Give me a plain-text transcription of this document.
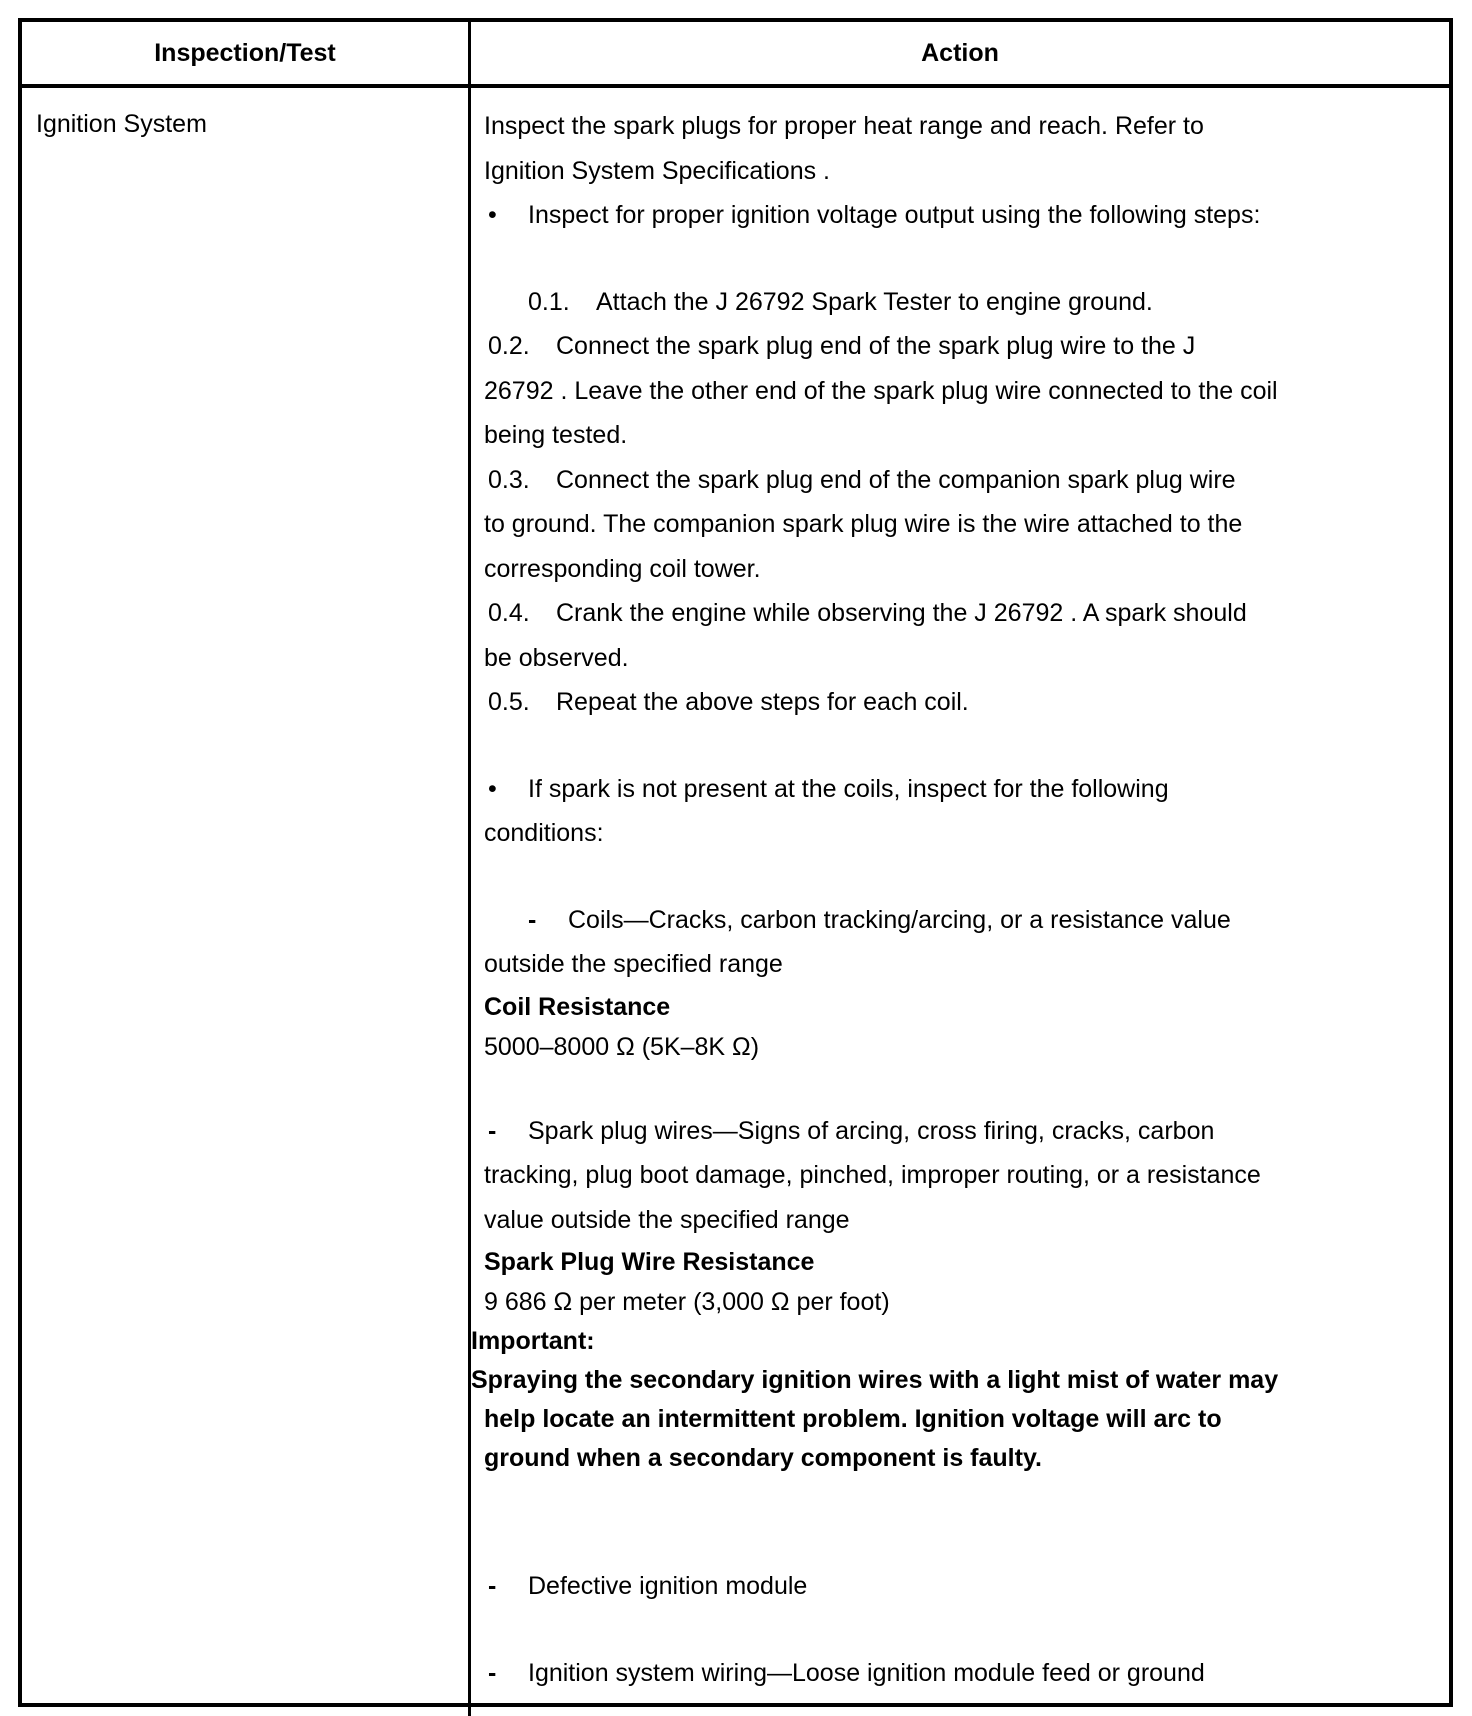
Inspection/Test	Action
Ignition System	Inspect the spark plugs for proper heat range and reach. Refer to
Ignition System Specifications .
• Inspect for proper ignition voltage output using the following steps:
0.1. Attach the J 26792 Spark Tester to engine ground.
0.2. Connect the spark plug end of the spark plug wire to the J
26792 . Leave the other end of the spark plug wire connected to the coil
being tested.
0.3. Connect the spark plug end of the companion spark plug wire
to ground. The companion spark plug wire is the wire attached to the
corresponding coil tower.
0.4. Crank the engine while observing the J 26792 . A spark should
be observed.
0.5. Repeat the above steps for each coil.
• If spark is not present at the coils, inspect for the following
conditions:
- Coils—Cracks, carbon tracking/arcing, or a resistance value
outside the specified range
Coil Resistance
5000–8000 Ω (5K–8K Ω)
- Spark plug wires—Signs of arcing, cross firing, cracks, carbon
tracking, plug boot damage, pinched, improper routing, or a resistance
value outside the specified range
Spark Plug Wire Resistance
9 686 Ω per meter (3,000 Ω per foot)
Important:
Spraying the secondary ignition wires with a light mist of water may
help locate an intermittent problem. Ignition voltage will arc to
ground when a secondary component is faulty.
- Defective ignition module
- Ignition system wiring—Loose ignition module feed or ground
